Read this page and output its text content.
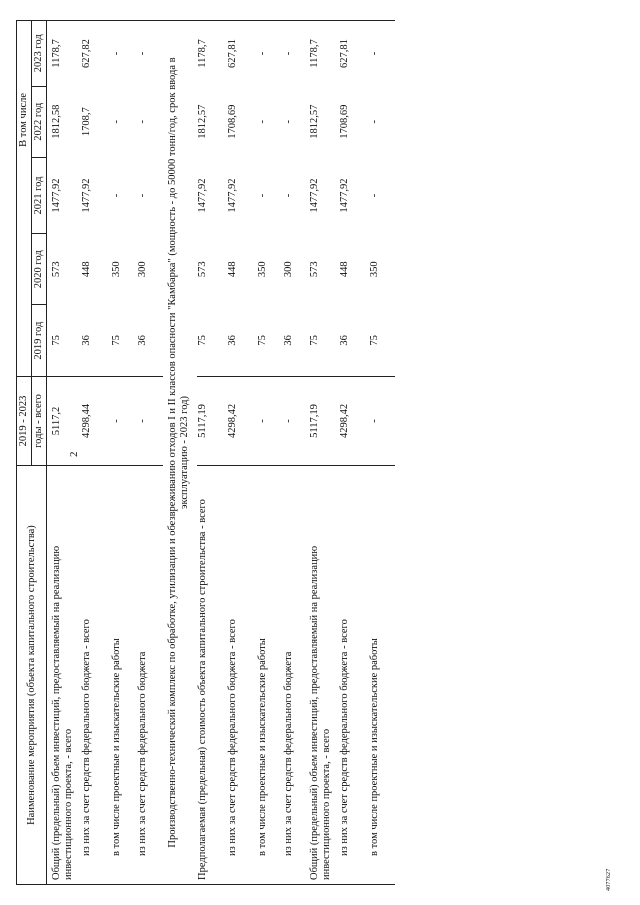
2
4077627
Наименование мероприятия (объекта капитального строительства)	2019 - 2023	В том числе				
	годы - всего	2019 год	2020 год	2021 год	2022 год	2023 год
Общий (предельный) объем инвестиций, предоставляемый на реализацию инвестиционного проекта, - всего	5117,2	75	573	1477,92	1812,58	1178,7
из них за счет средств федерального бюджета - всего	4298,44	36	448	1477,92	1708,7	627,82
в том числе проектные и изыскательские работы	-	75	350	-	-	-
из них за счет средств федерального бюджета	-	36	300	-	-	-
Производственно-технический комплекс по обработке, утилизации и обезвреживанию отходов I и II классов опасности "Камбарка" (мощность - до 50000 тонн/год, срок ввода в эксплуатацию - 2023 год)						
Предполагаемая (предельная) стоимость объекта капитального строительства - всего	5117,19	75	573	1477,92	1812,57	1178,7
из них за счет средств федерального бюджета - всего	4298,42	36	448	1477,92	1708,69	627,81
в том числе проектные и изыскательские работы	-	75	350	-	-	-
из них за счет средств федерального бюджета	-	36	300	-	-	-
Общий (предельный) объем инвестиций, предоставляемый на реализацию инвестиционного проекта, - всего	5117,19	75	573	1477,92	1812,57	1178,7
из них за счет средств федерального бюджета - всего	4298,42	36	448	1477,92	1708,69	627,81
в том числе проектные и изыскательские работы	-	75	350	-	-	-
